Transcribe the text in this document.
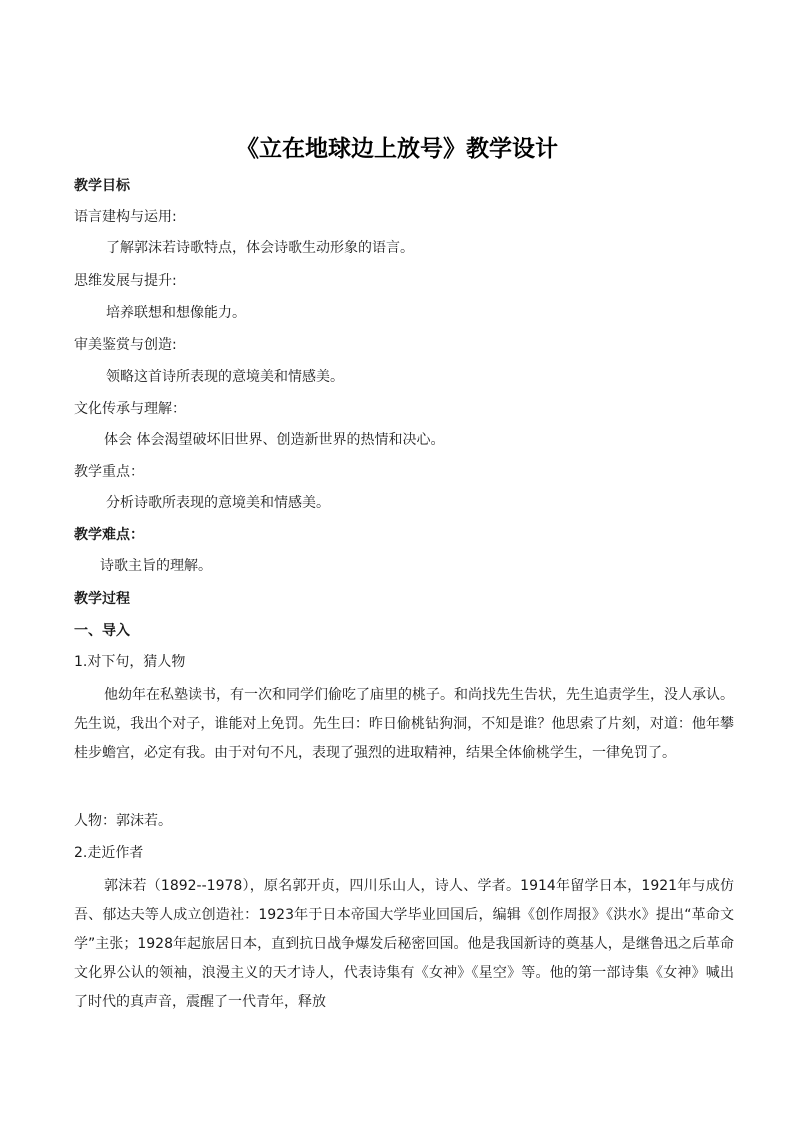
《立在地球边上放号》教学设计
教学目标
语言建构与运用:
了解郭沫若诗歌特点，体会诗歌生动形象的语言。
思维发展与提升:
培养联想和想像能力。
审美鉴赏与创造:
领略这首诗所表现的意境美和情感美。
文化传承与理解：
体会 体会渴望破坏旧世界、创造新世界的热情和决心。
教学重点：
分析诗歌所表现的意境美和情感美。
教学难点：
诗歌主旨的理解。
教学过程
一、导入
1.对下句，猜人物
他幼年在私塾读书，有一次和同学们偷吃了庙里的桃子。和尚找先生告状，先生追责学生，没人承认。先生说，我出个对子，谁能对上免罚。先生曰：昨日偷桃钻狗洞，不知是谁？他思索了片刻，对道：他年攀桂步蟾宫，必定有我。由于对句不凡，表现了强烈的进取精神，结果全体偷桃学生，一律免罚了。
人物：郭沫若。
2.走近作者
郭沫若（1892--1978），原名郭开贞，四川乐山人，诗人、学者。1914年留学日本，1921年与成仿吾、郁达夫等人成立创造社：1923年于日本帝国大学毕业回国后，编辑《创作周报》《洪水》提出“革命文学”主张；1928年起旅居日本，直到抗日战争爆发后秘密回国。他是我国新诗的奠基人，是继鲁迅之后革命文化界公认的领袖，浪漫主义的天才诗人，代表诗集有《女神》《星空》等。他的第一部诗集《女神》喊出了时代的真声音，震醒了一代青年，释放
